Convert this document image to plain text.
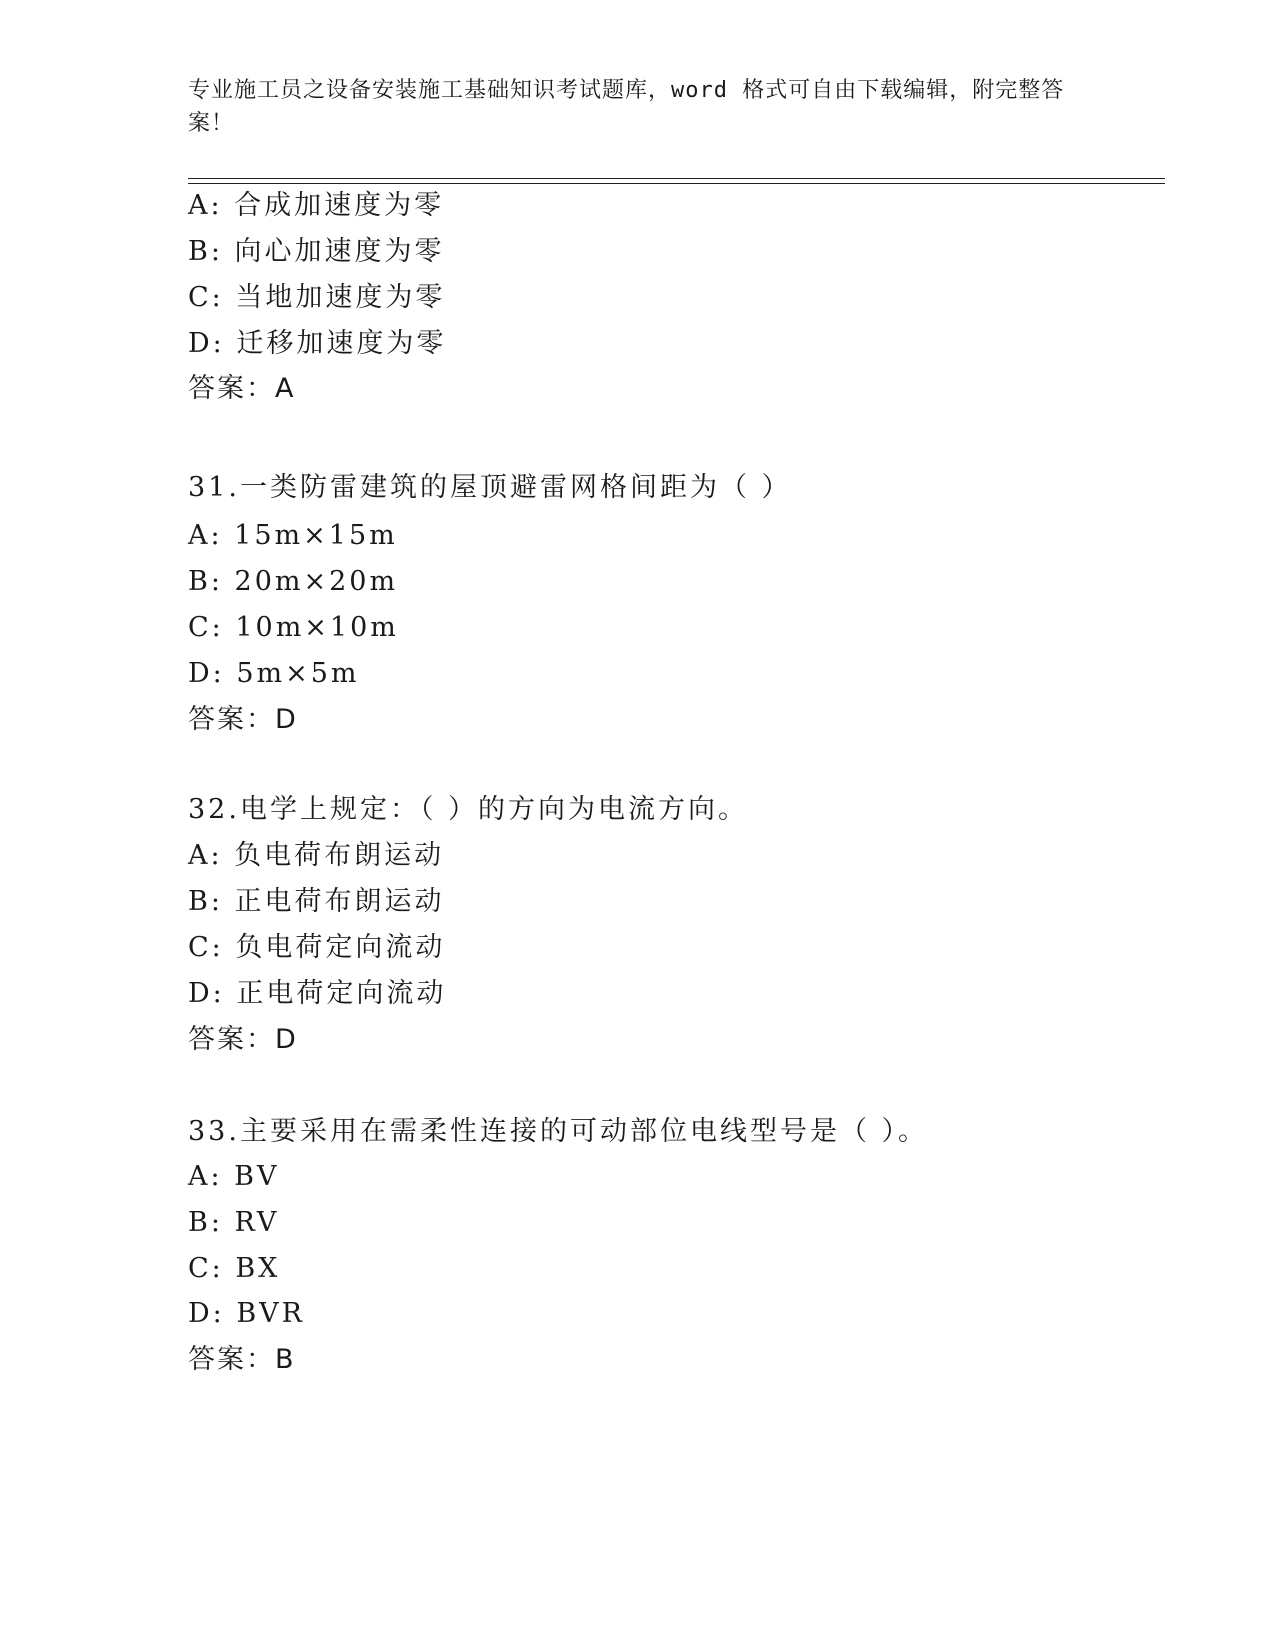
专业施工员之设备安装施工基础知识考试题库，word 格式可自由下载编辑，附完整答案！
A: 合成加速度为零
B: 向心加速度为零
C: 当地加速度为零
D: 迁移加速度为零
答案：A
31.一类防雷建筑的屋顶避雷网格间距为（ ）
A: 15m×15m
B: 20m×20m
C: 10m×10m
D: 5m×5m
答案：D
32.电学上规定：（ ）的方向为电流方向。
A: 负电荷布朗运动
B: 正电荷布朗运动
C: 负电荷定向流动
D: 正电荷定向流动
答案：D
33.主要采用在需柔性连接的可动部位电线型号是（ ）。
A: BV
B: RV
C: BX
D: BVR
答案：B
